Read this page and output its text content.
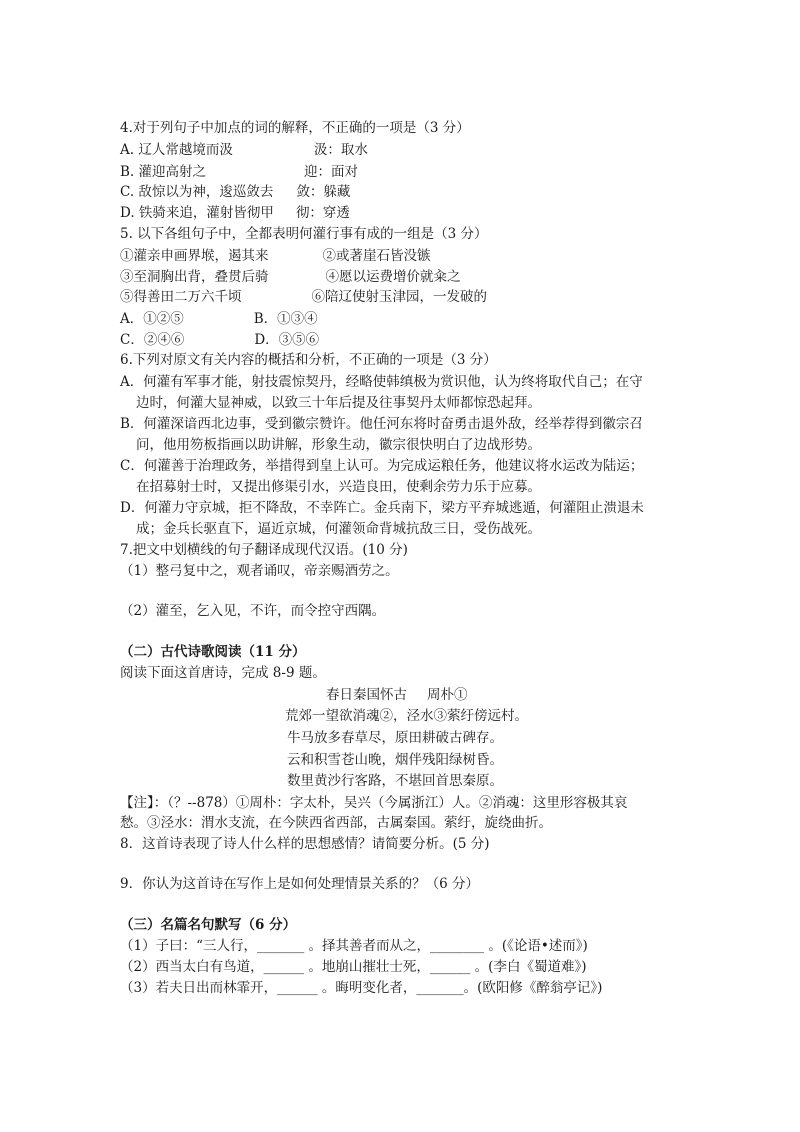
4.对于列句子中加点的词的解释，不正确的一项是（3 分）
A. 辽人常越境而汲	汲：取水
B. 灌迎高射之	迎：面对
C. 敌惊以为神，逡巡敛去 敛：躲藏
D. 铁骑来追，灌射皆彻甲 彻：穿透
5. 以下各组句子中，全都表明何灌行事有成的一组是（3 分）
①灌亲申画界堠，遏其来	②或著崖石皆没镞
③至洞胸出背，叠贯后骑	④愿以运费增价就籴之
⑤得善田二万六千顷	⑥陪辽使射玉津园，一发破的
A．①②⑤	B．①③④
C．②④⑥	D．③⑤⑥
6.下列对原文有关内容的概括和分析，不正确的一项是（3 分）
A．何灌有军事才能，射技震惊契丹，经略使韩缜极为赏识他，认为终将取代自己；在守
边时，何灌大显神威，以致三十年后提及往事契丹太师都惊恐起拜。
B．何灌深谙西北边事，受到徽宗赞许。他任河东将时奋勇击退外敌，经举荐得到徽宗召
问，他用笏板指画以助讲解，形象生动，徽宗很快明白了边战形势。
C．何灌善于治理政务，举措得到皇上认可。为完成运粮任务，他建议将水运改为陆运；
在招募射士时，又提出修渠引水，兴造良田，使剩余劳力乐于应募。
D．何灌力守京城，拒不降敌，不幸阵亡。金兵南下，梁方平弃城逃遁，何灌阻止溃退未
成；金兵长驱直下，逼近京城，何灌领命背城抗敌三日，受伤战死。
7.把文中划横线的句子翻译成现代汉语。(10 分)
（1）整弓复中之，观者诵叹，帝亲赐酒劳之。
（2）灌至，乞入见，不许，而令控守西隅。
（二）古代诗歌阅读（11 分）
阅读下面这首唐诗，完成 8-9 题。
春日秦国怀古 周朴①
荒郊一望欲消魂②，泾水③萦纡傍远村。
牛马放多春草尽，原田耕破古碑存。
云和积雪苍山晚，烟伴残阳绿树昏。
数里黄沙行客路，不堪回首思秦原。
【注】：（？--878）①周朴：字太朴，吴兴（今属浙江）人。②消魂：这里形容极其哀
愁。③泾水：渭水支流，在今陕西省西部，古属秦国。萦纡，旋绕曲折。
8．这首诗表现了诗人什么样的思想感情？请简要分析。(5 分)
9．你认为这首诗在写作上是如何处理情景关系的？（6 分）
（三）名篇名句默写（6 分）
（1）子曰：“三人行，_______ 。择其善者而从之，________ 。(《论语•述而》)
（2）西当太白有鸟道，______ 。地崩山摧壮士死，______ 。(李白《蜀道难》)
（3）若夫日出而林霏开，______ 。晦明变化者，_______。(欧阳修《醉翁亭记》)
